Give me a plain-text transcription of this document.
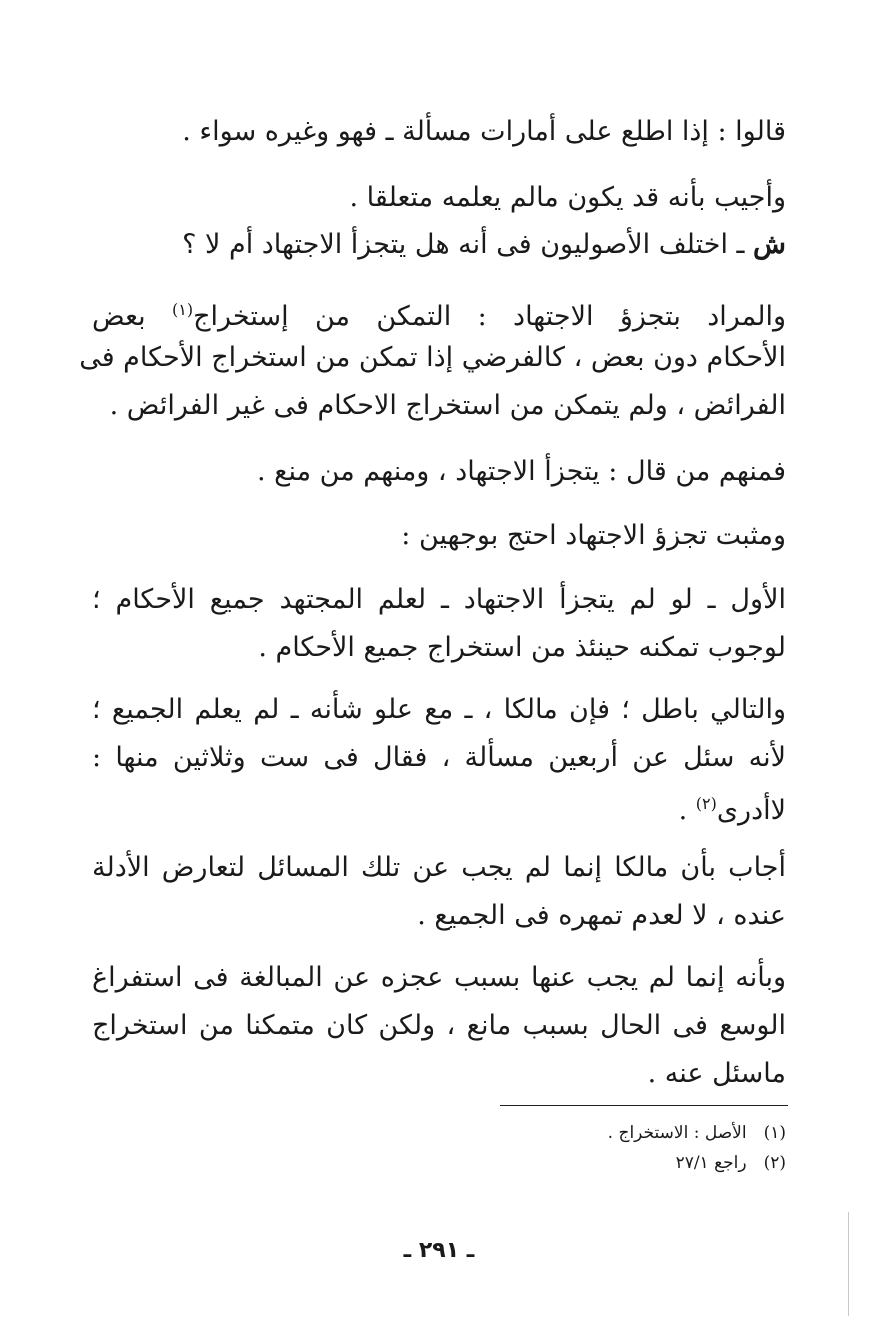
قالوا : إذا اطلع على أمارات مسألة ـ فهو وغيره سواء .
وأجيب بأنه قد يكون مالم يعلمه متعلقا .
ش ـ اختلف الأصوليون فى أنه هل يتجزأ الاجتهاد أم لا ؟
والمراد بتجزؤ الاجتهاد : التمكن من إستخراج$^{(١)}$ بعض
الأحكام دون بعض ، كالفرضي إذا تمكن من استخراج الأحكام فى
الفرائض ، ولم يتمكن من استخراج الاحكام فى غير الفرائض .
فمنهم من قال : يتجزأ الاجتهاد ، ومنهم من منع .
ومثبت تجزؤ الاجتهاد احتج بوجهين :
الأول ـ لو لم يتجزأ الاجتهاد ـ لعلم المجتهد جميع الأحكام ؛
لوجوب تمكنه حينئذ من استخراج جميع الأحكام .
والتالي باطل ؛ فإن مالكا ، ـ مع علو شأنه ـ لم يعلم الجميع ؛
لأنه سئل عن أربعين مسألة ، فقال فى ست وثلاثين منها :
لاأدرى$^{(٢)}$ .
أجاب بأن مالكا إنما لم يجب عن تلك المسائل لتعارض الأدلة
عنده ، لا لعدم تمهره فى الجميع .
وبأنه إنما لم يجب عنها بسبب عجزه عن المبالغة فى استفراغ
الوسع فى الحال بسبب مانع ، ولكن كان متمكنا من استخراج
ماسئل عنه .
(١) الأصل : الاستخراج .
(٢) راجع ٢٧/١
ـ ٢٩١ ـ
